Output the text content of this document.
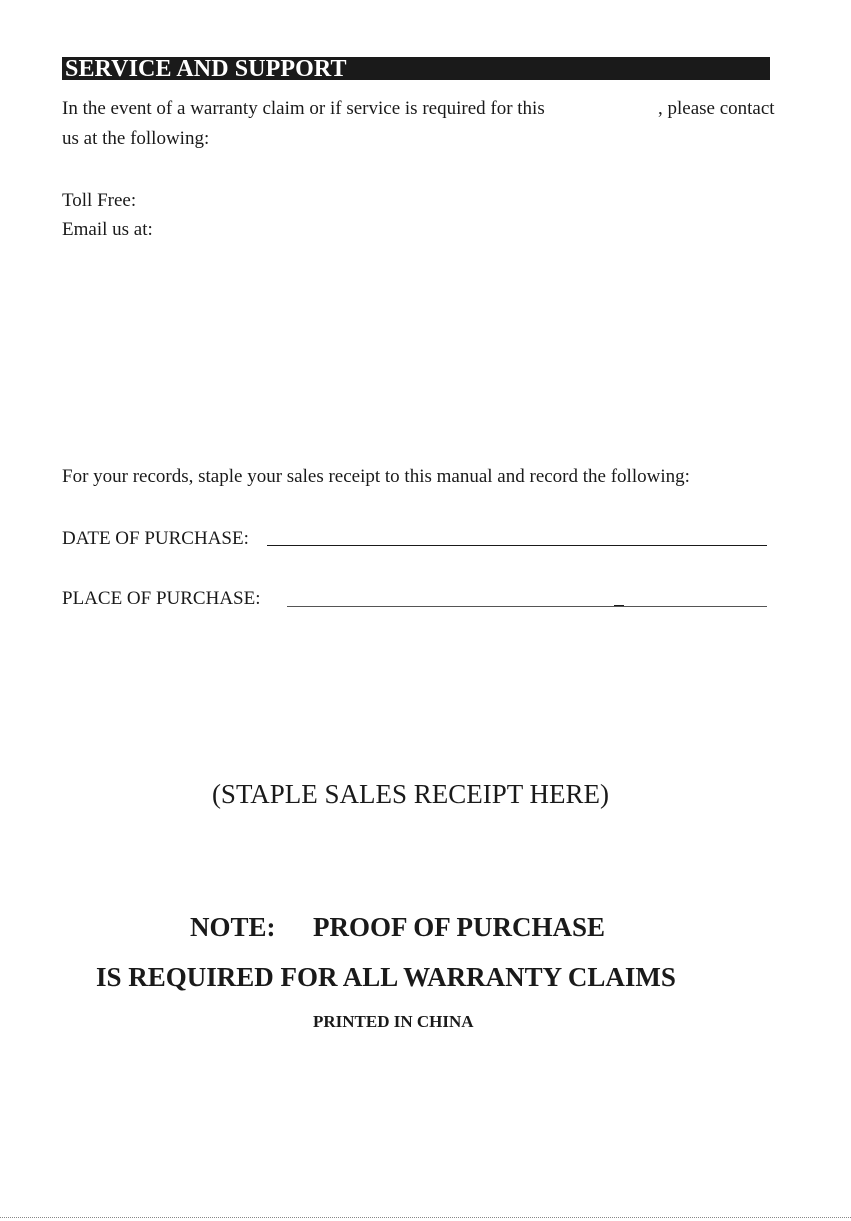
SERVICE AND SUPPORT
In the event of a warranty claim or if service is required for this	, please contact
us at the following:
Toll Free:
Email us at:
For your records, staple your sales receipt to this manual and record the following:
DATE OF PURCHASE:
PLACE OF PURCHASE:
(STAPLE SALES RECEIPT HERE)
NOTE: PROOF OF PURCHASE
IS REQUIRED FOR ALL WARRANTY CLAIMS
PRINTED IN CHINA
